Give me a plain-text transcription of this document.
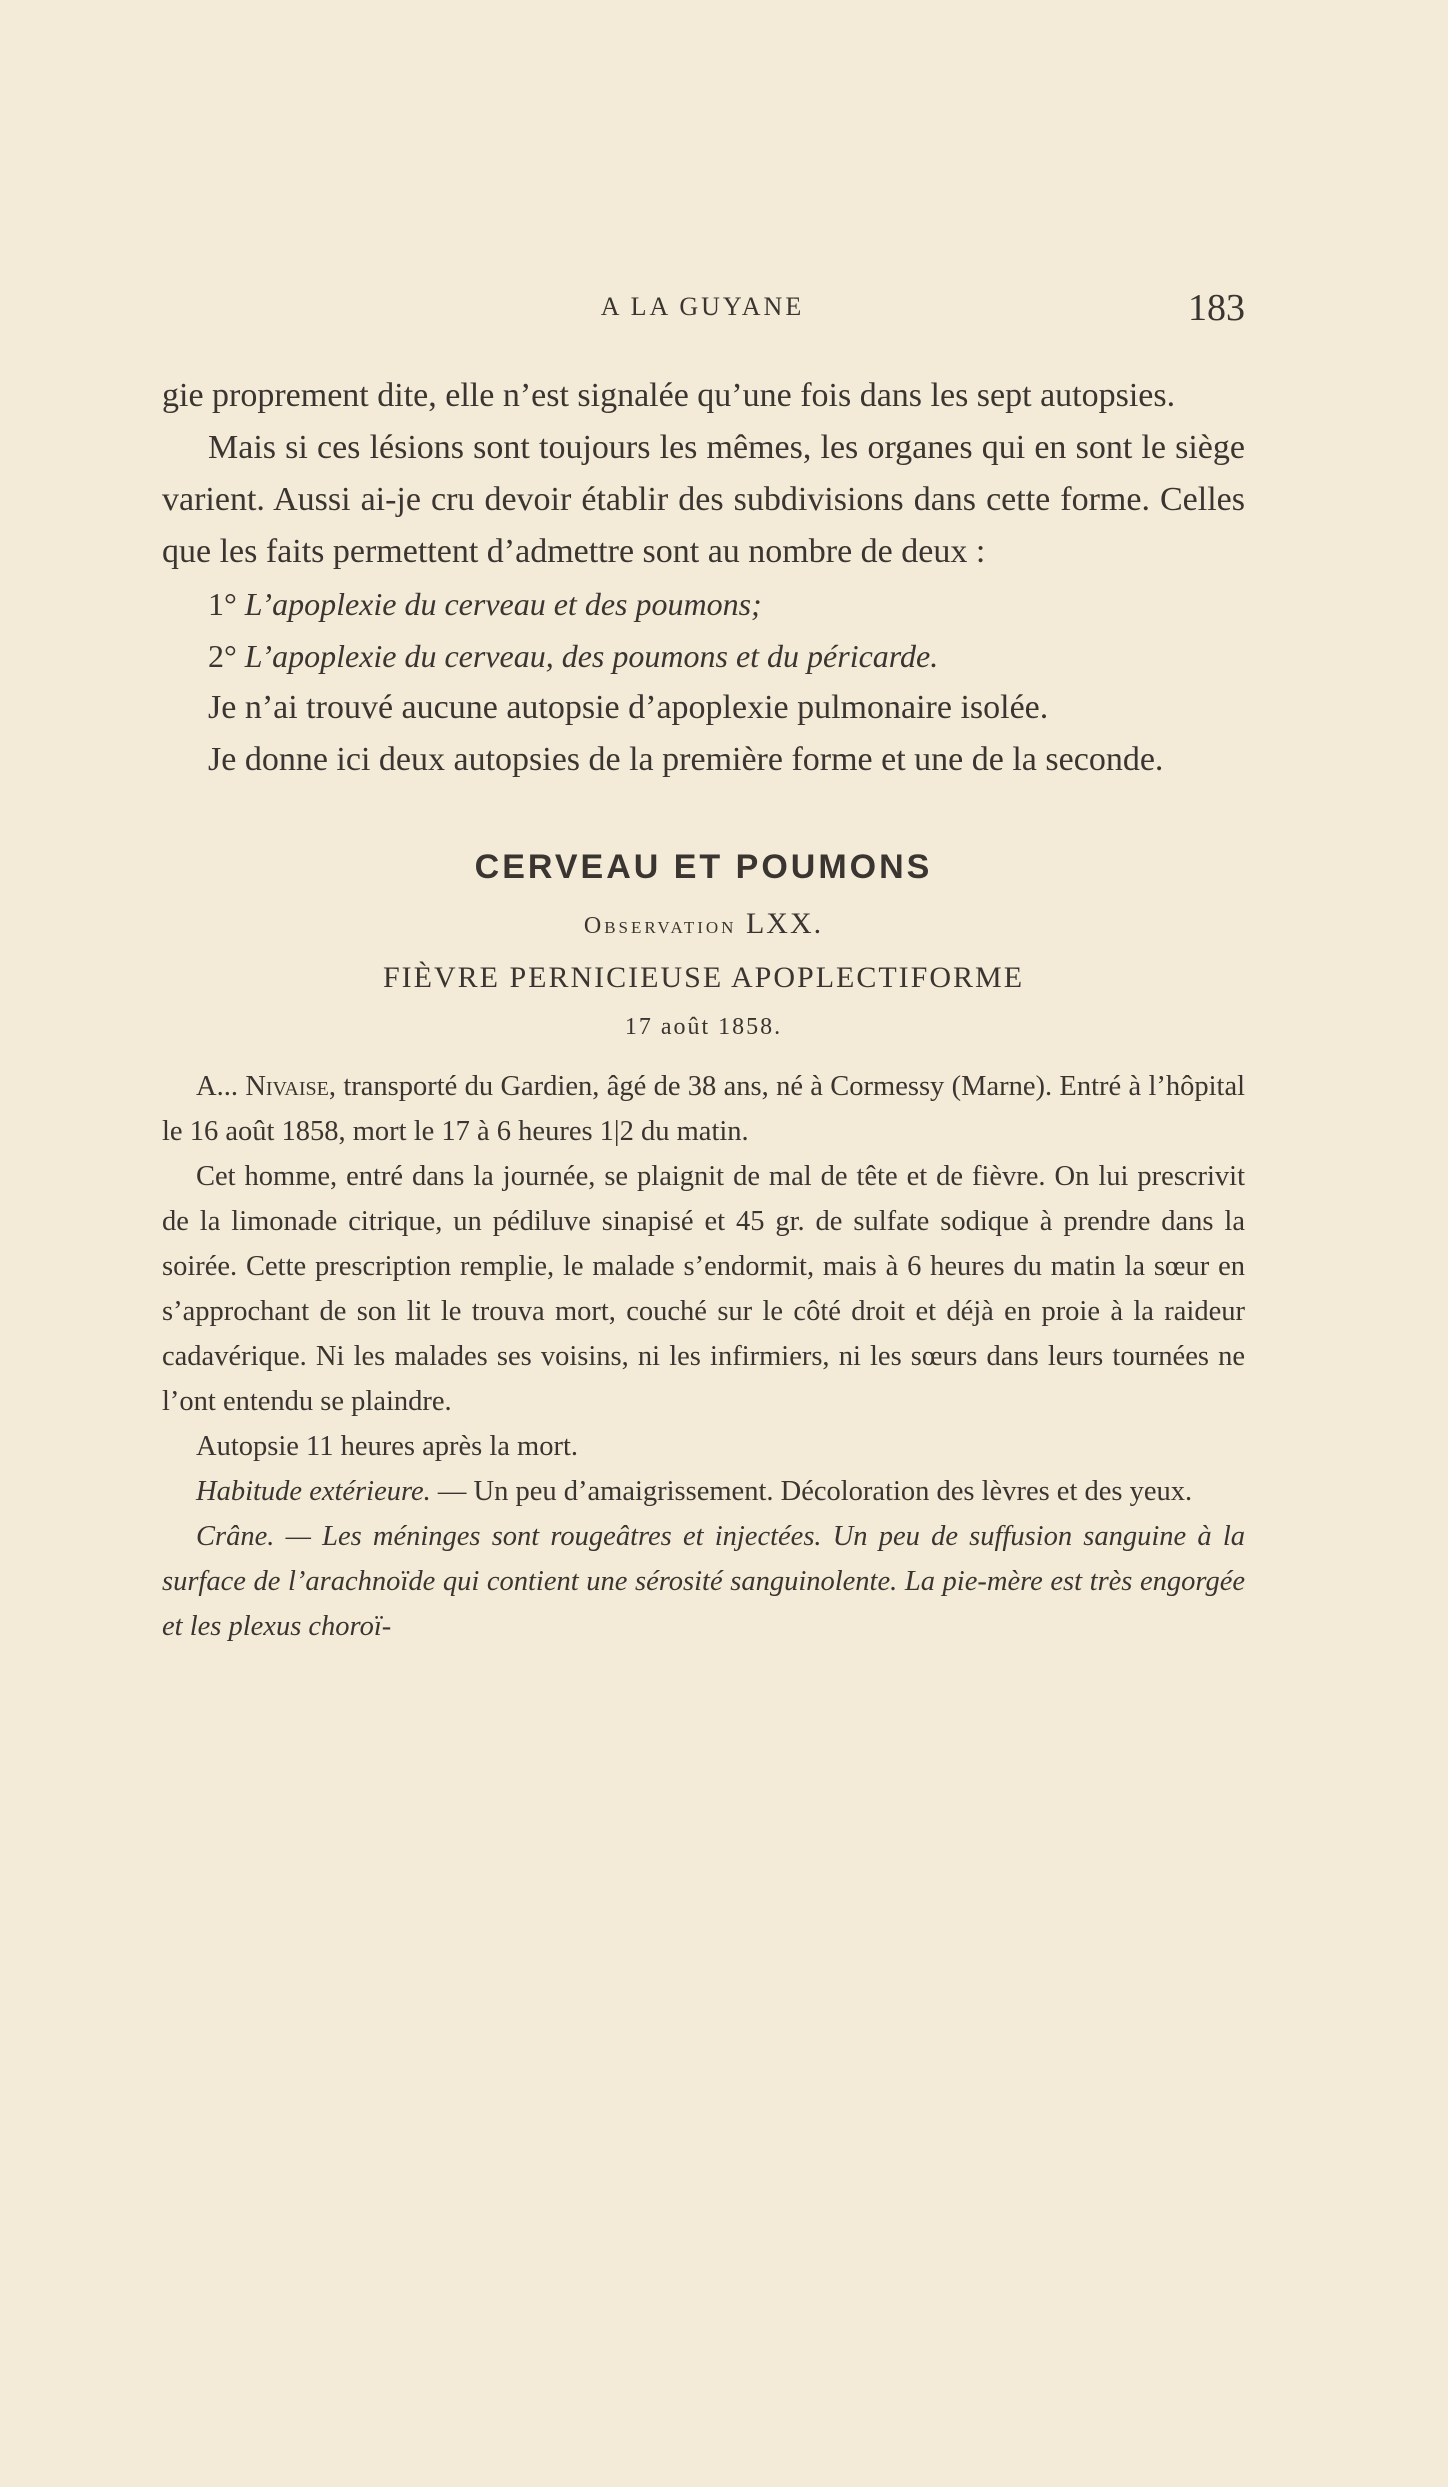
A LA GUYANE	183

gie proprement dite, elle n’est signalée qu’une fois dans les sept autopsies.

Mais si ces lésions sont toujours les mêmes, les organes qui en sont le siège varient. Aussi ai-je cru devoir établir des subdivisions dans cette forme. Celles que les faits permettent d’admettre sont au nombre de deux :

1° L’apoplexie du cerveau et des poumons;

2° L’apoplexie du cerveau, des poumons et du péricarde.

Je n’ai trouvé aucune autopsie d’apoplexie pulmonaire isolée.

Je donne ici deux autopsies de la première forme et une de la seconde.

CERVEAU ET POUMONS
Observation LXX.
FIÈVRE PERNICIEUSE APOPLECTIFORME
17 août 1858.

A... Nivaise, transporté du Gardien, âgé de 38 ans, né à Cormessy (Marne). Entré à l’hôpital le 16 août 1858, mort le 17 à 6 heures 1|2 du matin.

Cet homme, entré dans la journée, se plaignit de mal de tête et de fièvre. On lui prescrivit de la limonade citrique, un pédiluve sinapisé et 45 gr. de sulfate sodique à prendre dans la soirée. Cette prescription remplie, le malade s’endormit, mais à 6 heures du matin la sœur en s’approchant de son lit le trouva mort, couché sur le côté droit et déjà en proie à la raideur cadavérique. Ni les malades ses voisins, ni les infirmiers, ni les sœurs dans leurs tournées ne l’ont entendu se plaindre.

Autopsie 11 heures après la mort.

Habitude extérieure. — Un peu d’amaigrissement. Décoloration des lèvres et des yeux.

Crâne. — Les méninges sont rougeâtres et injectées. Un peu de suffusion sanguine à la surface de l’arachnoïde qui contient une sérosité sanguinolente. La pie-mère est très engorgée et les plexus choroï-
